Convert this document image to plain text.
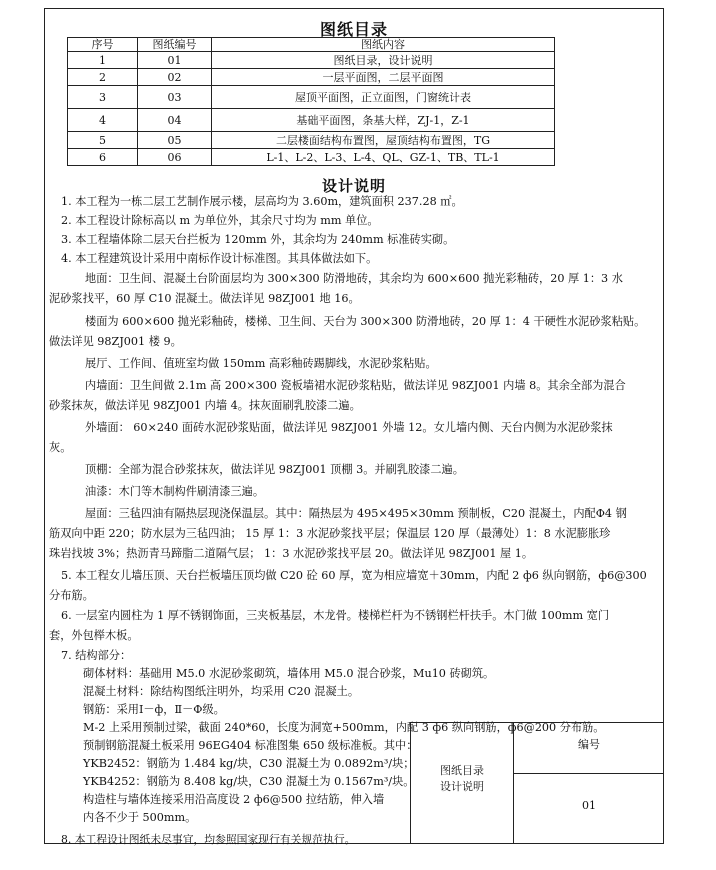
图纸目录
序号	图纸编号	图纸内容
1	01	图纸目录，设计说明
2	02	一层平面图，二层平面图
3	03	屋顶平面图，正立面图，门窗统计表
4	04	基础平面图，条基大样，ZJ-1，Z-1
5	05	二层楼面结构布置图，屋顶结构布置图，TG
6	06	L-1、L-2、L-3、L-4、QL、GZ-1、TB、TL-1
设计说明
1. 本工程为一栋二层工艺制作展示楼，层高均为 3.60m，建筑面积 237.28 ㎡。
2. 本工程设计除标高以 m 为单位外，其余尺寸均为 mm 单位。
3. 本工程墙体除二层天台拦板为 120mm 外，其余均为 240mm 标准砖实砌。
4. 本工程建筑设计采用中南标作设计标准图。其具体做法如下。
地面：卫生间、混凝土台阶面层均为 300×300 防滑地砖，其余均为 600×600 抛光彩釉砖，20 厚 1：3 水
泥砂浆找平，60 厚 C10 混凝土。做法详见 98ZJ001 地 16。
楼面为 600×600 抛光彩釉砖，楼梯、卫生间、天台为 300×300 防滑地砖，20 厚 1：4 干硬性水泥砂浆粘贴。
做法详见 98ZJ001 楼 9。
展厅、工作间、值班室均做 150mm 高彩釉砖踢脚线，水泥砂浆粘贴。
内墙面：卫生间做 2.1m 高 200×300 瓷板墙裙水泥砂浆粘贴，做法详见 98ZJ001 内墙 8。其余全部为混合
砂浆抹灰，做法详见 98ZJ001 内墙 4。抹灰面刷乳胶漆二遍。
外墙面： 60×240 面砖水泥砂浆贴面，做法详见 98ZJ001 外墙 12。女儿墙内侧、天台内侧为水泥砂浆抹
灰。
顶棚：全部为混合砂浆抹灰，做法详见 98ZJ001 顶棚 3。并刷乳胶漆二遍。
油漆：木门等木制构件刷清漆三遍。
屋面：三毡四油有隔热层现浇保温层。其中：隔热层为 495×495×30mm 预制板，C20 混凝土，内配Φ4 钢
筋双向中距 220；防水层为三毡四油； 15 厚 1：3 水泥砂浆找平层；保温层 120 厚（最薄处）1：8 水泥膨胀珍
珠岩找坡 3%；热沥青马蹄脂二道隔气层； 1：3 水泥砂浆找平层 20。做法详见 98ZJ001 屋 1。
5. 本工程女儿墙压顶、天台拦板墙压顶均做 C20 砼 60 厚，宽为相应墙宽＋30mm，内配 2 ф6 纵向钢筋，ф6@300
分布筋。
6. 一层室内圆柱为 1 厚不锈钢饰面，三夹板基层，木龙骨。楼梯栏杆为不锈钢栏杆扶手。木门做 100mm 宽门
套，外包榉木板。
7. 结构部分：
砌体材料：基础用 M5.0 水泥砂浆砌筑，墙体用 M5.0 混合砂浆，Mu10 砖砌筑。
混凝土材料：除结构图纸注明外，均采用 C20 混凝土。
钢筋：采用Ⅰ－ф，Ⅱ－Φ级。
M-2 上采用预制过梁，截面 240*60，长度为洞宽+500mm，内配 3 ф6 纵向钢筋，ф6@200 分布筋。
预制钢筋混凝土板采用 96EG404 标准图集 650 级标准板。其中：
YKB2452：钢筋为 1.484 kg/块，C30 混凝土为 0.0892m³/块；
YKB4252：钢筋为 8.408 kg/块，C30 混凝土为 0.1567m³/块。
构造柱与墙体连接采用沿高度设 2 ф6@500 拉结筋，伸入墙
内各不少于 500mm。
8. 本工程设计图纸未尽事宜，均参照国家现行有关规范执行。
图纸目录
设计说明
编号
01
